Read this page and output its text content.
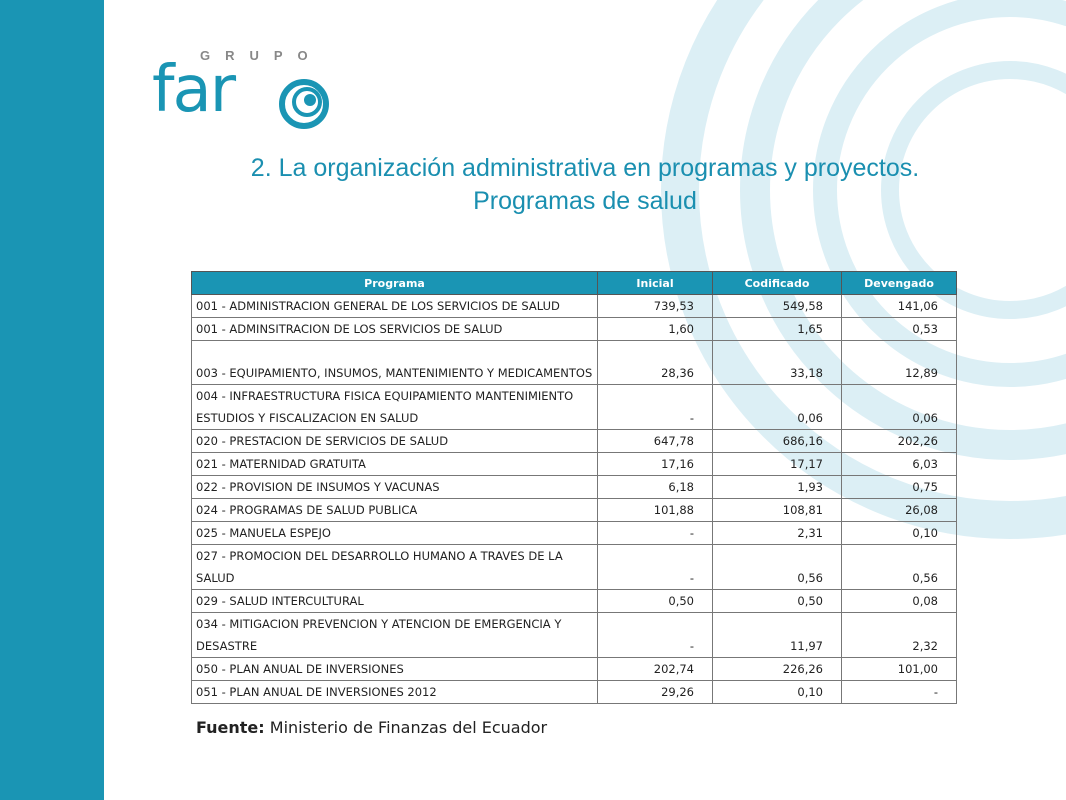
GRUPO
far
2. La organización administrativa en programas y proyectos.
Programas de salud
Programa	Inicial	Codificado	Devengado
001 - ADMINISTRACION GENERAL DE LOS SERVICIOS DE SALUD	739,53	549,58	141,06
001 - ADMINSITRACION DE LOS SERVICIOS DE SALUD	1,60	1,65	0,53
003 - EQUIPAMIENTO, INSUMOS, MANTENIMIENTO Y MEDICAMENTOS	28,36	33,18	12,89
004 - INFRAESTRUCTURA FISICA EQUIPAMIENTO MANTENIMIENTO ESTUDIOS Y FISCALIZACION EN SALUD	-	0,06	0,06
020 - PRESTACION DE SERVICIOS DE SALUD	647,78	686,16	202,26
021 - MATERNIDAD GRATUITA	17,16	17,17	6,03
022 - PROVISION DE INSUMOS Y VACUNAS	6,18	1,93	0,75
024 - PROGRAMAS DE SALUD PUBLICA	101,88	108,81	26,08
025 - MANUELA ESPEJO	-	2,31	0,10
027 - PROMOCION DEL DESARROLLO HUMANO A TRAVES DE LA SALUD	-	0,56	0,56
029 - SALUD INTERCULTURAL	0,50	0,50	0,08
034 - MITIGACION PREVENCION Y ATENCION DE EMERGENCIA Y DESASTRE	-	11,97	2,32
050 - PLAN ANUAL DE INVERSIONES	202,74	226,26	101,00
051 - PLAN ANUAL DE INVERSIONES 2012	29,26	0,10	-
Fuente: Ministerio de Finanzas del Ecuador
